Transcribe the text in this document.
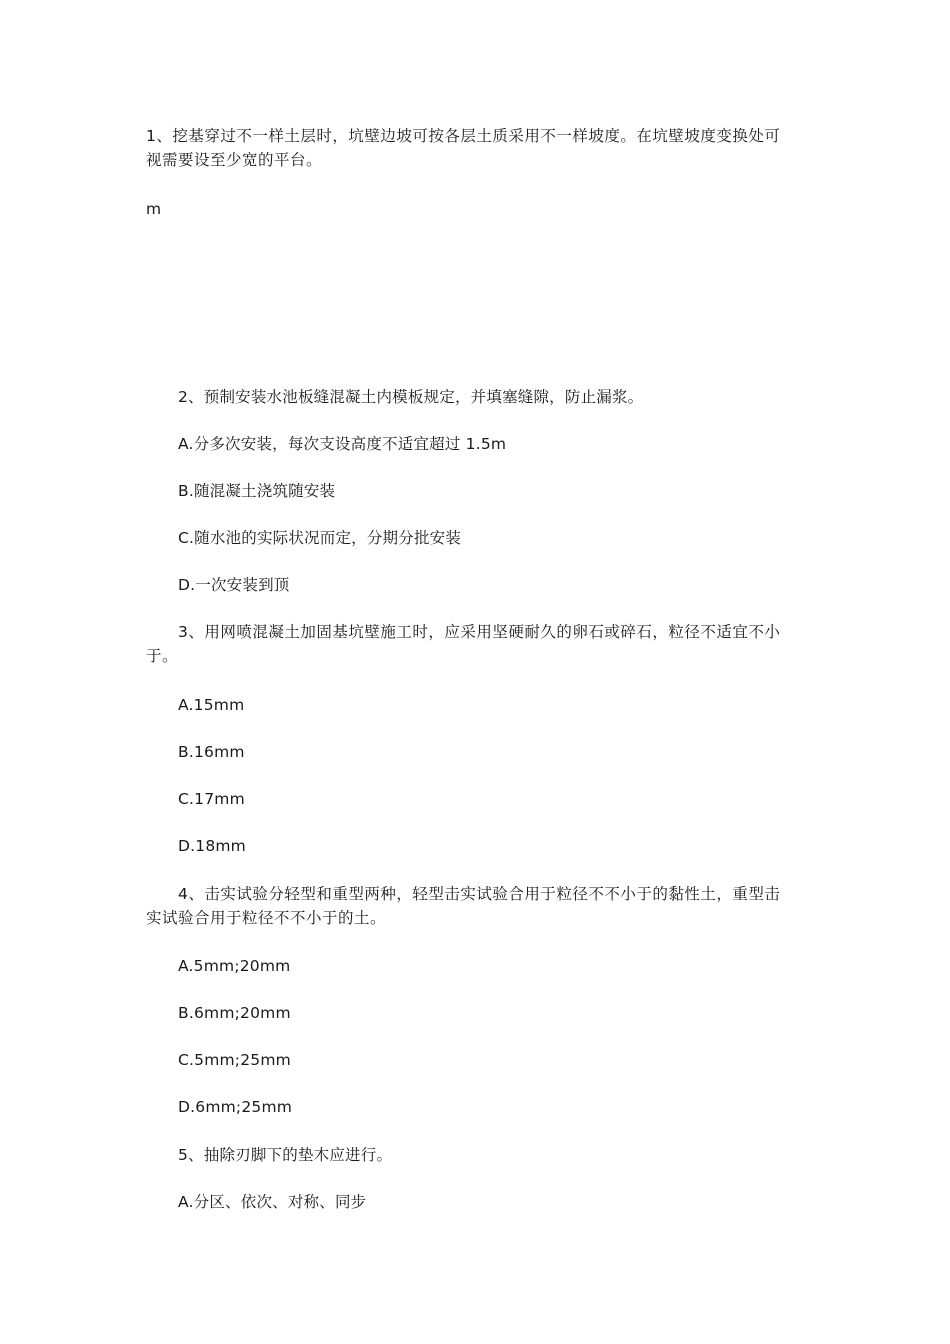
1、挖基穿过不一样土层时，坑壁边坡可按各层土质采用不一样坡度。在坑壁坡度变换处可视需要设至少宽的平台。
m
2、预制安装水池板缝混凝土内模板规定，并填塞缝隙，防止漏浆。
A.分多次安装，每次支设高度不适宜超过 1.5m
B.随混凝土浇筑随安装
C.随水池的实际状况而定，分期分批安装
D.一次安装到顶
3、用网喷混凝土加固基坑壁施工时，应采用坚硬耐久的卵石或碎石，粒径不适宜不小于。
A.15mm
B.16mm
C.17mm
D.18mm
4、击实试验分轻型和重型两种，轻型击实试验合用于粒径不不小于的黏性土，重型击实试验合用于粒径不不小于的土。
A.5mm;20mm
B.6mm;20mm
C.5mm;25mm
D.6mm;25mm
5、抽除刃脚下的垫木应进行。
A.分区、依次、对称、同步
